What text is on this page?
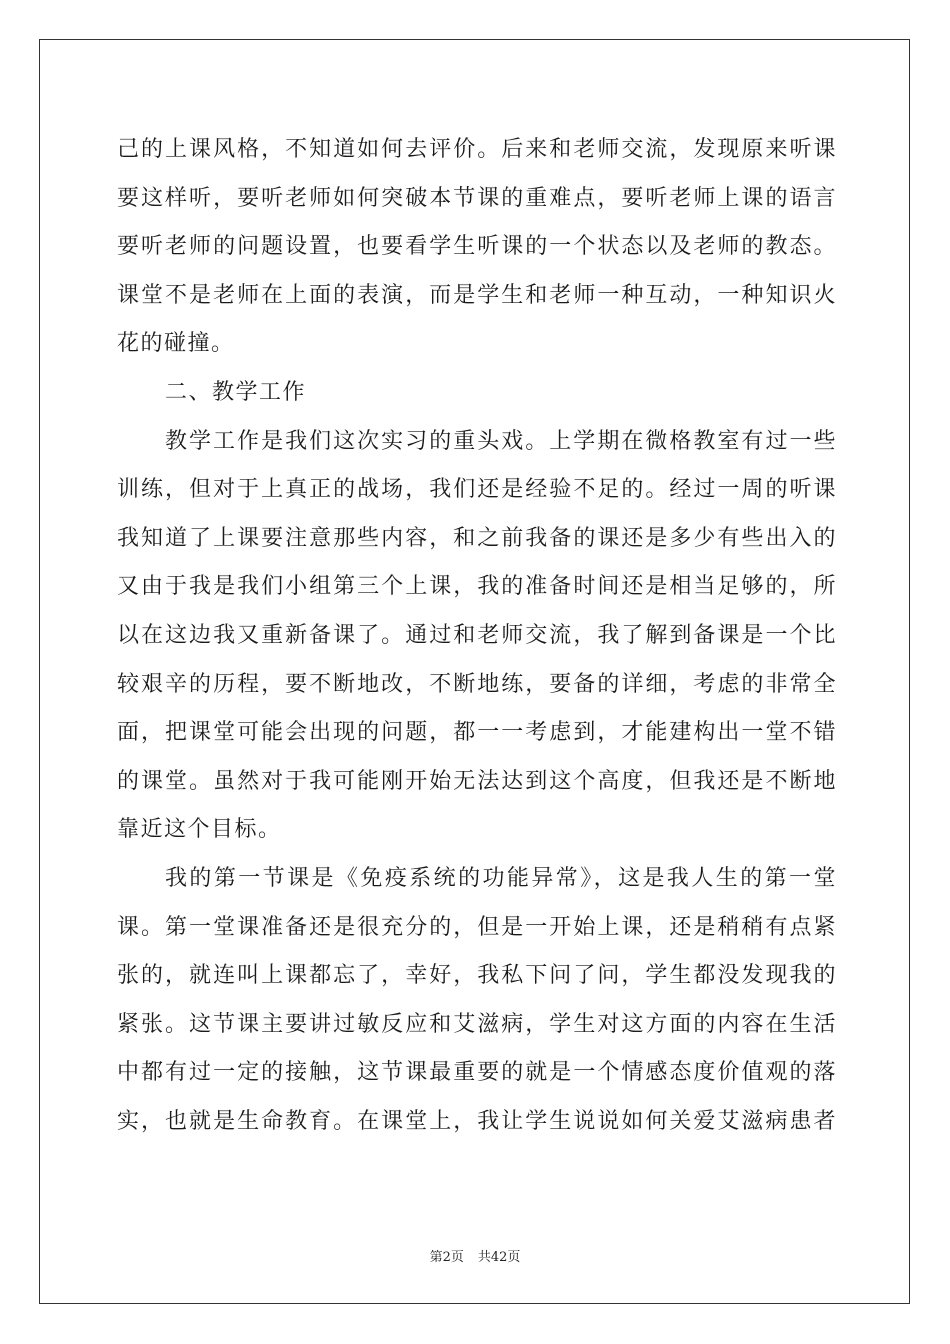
己的上课风格，不知道如何去评价。后来和老师交流，发现原来听课
要这样听，要听老师如何突破本节课的重难点，要听老师上课的语言
要听老师的问题设置，也要看学生听课的一个状态以及老师的教态。
课堂不是老师在上面的表演，而是学生和老师一种互动，一种知识火
花的碰撞。
二、教学工作
教学工作是我们这次实习的重头戏。上学期在微格教室有过一些
训练，但对于上真正的战场，我们还是经验不足的。经过一周的听课
我知道了上课要注意那些内容，和之前我备的课还是多少有些出入的
又由于我是我们小组第三个上课，我的准备时间还是相当足够的，所
以在这边我又重新备课了。通过和老师交流，我了解到备课是一个比
较艰辛的历程，要不断地改，不断地练，要备的详细，考虑的非常全
面，把课堂可能会出现的问题，都一一考虑到，才能建构出一堂不错
的课堂。虽然对于我可能刚开始无法达到这个高度，但我还是不断地
靠近这个目标。
我的第一节课是《免疫系统的功能异常》，这是我人生的第一堂
课。第一堂课准备还是很充分的，但是一开始上课，还是稍稍有点紧
张的，就连叫上课都忘了，幸好，我私下问了问，学生都没发现我的
紧张。这节课主要讲过敏反应和艾滋病，学生对这方面的内容在生活
中都有过一定的接触，这节课最重要的就是一个情感态度价值观的落
实，也就是生命教育。在课堂上，我让学生说说如何关爱艾滋病患者
第2页 共42页
